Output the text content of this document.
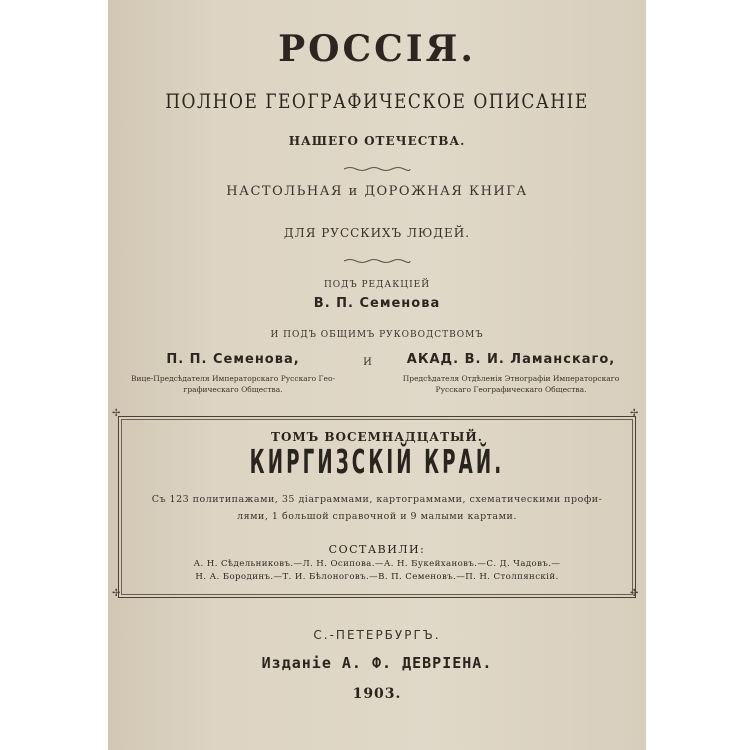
РОССІЯ.
ПОЛНОЕ ГЕОГРАФИЧЕСКОЕ ОПИСАНІЕ
НАШЕГО ОТЕЧЕСТВА.
НАСТОЛЬНАЯ и ДОРОЖНАЯ КНИГА
ДЛЯ РУССКИХЪ ЛЮДЕЙ.
ПОДЪ РЕДАКЦІЕЙ
В. П. Семенова
И ПОДЪ ОБЩИМЪ РУКОВОДСТВОМЪ
П. П. Семенова,
Вице-Предсѣдателя Императорскаго Русскаго Гео-
графическаго Общества.
И	АКАД. В. И. Ламанскаго,
Предсѣдателя Отдѣленія Этнографіи Императорскаго
Русскаго Географическаго Общества.
✢	✢
✢	✢
ТОМЪ ВОСЕМНАДЦАТЫЙ.
КИРГИЗСКІЙ КРАЙ.
Съ 123 политипажами, 35 діаграммами, картограммами, схематическими профи-
лями, 1 большой справочной и 9 малыми картами.
СОСТАВИЛИ:
А. Н. Сѣдельниковъ.—Л. Н. Осипова.—А. Н. Букейхановъ.—С. Д. Чадовъ.—
Н. А. Бородинъ.—Т. И. Бѣлоноговъ.—В. П. Семеновъ.—П. Н. Столпянскій.
С.-ПЕТЕРБУРГЪ.
Изданіе А. Ф. ДЕВРІЕНА.
1903.
